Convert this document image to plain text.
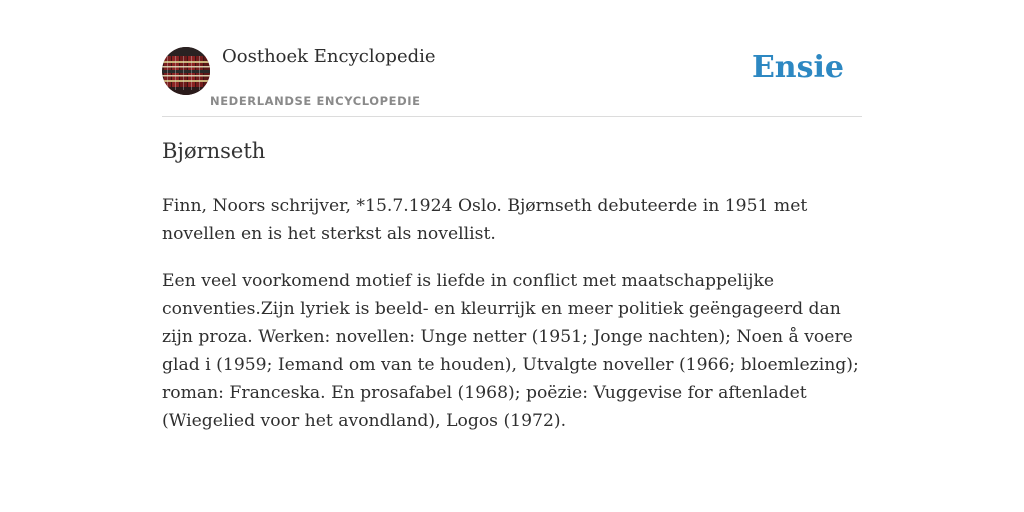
Oosthoek Encyclopedie
NEDERLANDSE ENCYCLOPEDIE
Ensie
Bjørnseth

Finn, Noors schrijver, *15.7.1924 Oslo. Bjørnseth debuteerde in 1951 met novellen en is het sterkst als novellist.

Een veel voorkomend motief is liefde in conflict met maatschappelijke conventies.Zijn lyriek is beeld- en kleurrijk en meer politiek geëngageerd dan zijn proza. Werken: novellen: Unge netter (1951; Jonge nachten); Noen å voere glad i (1959; Iemand om van te houden), Utvalgte noveller (1966; bloemlezing); roman: Franceska. En prosafabel (1968); poëzie: Vuggevise for aftenladet (Wiegelied voor het avondland), Logos (1972).
